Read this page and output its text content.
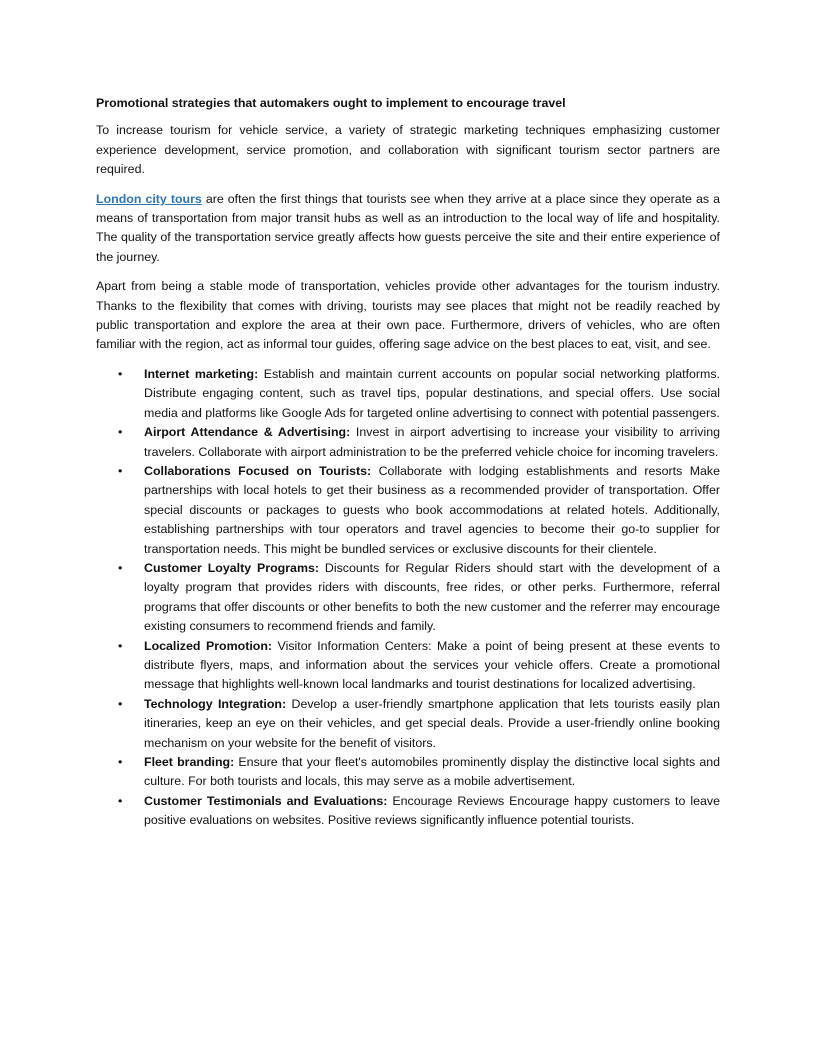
Promotional strategies that automakers ought to implement to encourage travel

To increase tourism for vehicle service, a variety of strategic marketing techniques emphasizing customer experience development, service promotion, and collaboration with significant tourism sector partners are required.

London city tours are often the first things that tourists see when they arrive at a place since they operate as a means of transportation from major transit hubs as well as an introduction to the local way of life and hospitality. The quality of the transportation service greatly affects how guests perceive the site and their entire experience of the journey.

Apart from being a stable mode of transportation, vehicles provide other advantages for the tourism industry. Thanks to the flexibility that comes with driving, tourists may see places that might not be readily reached by public transportation and explore the area at their own pace. Furthermore, drivers of vehicles, who are often familiar with the region, act as informal tour guides, offering sage advice on the best places to eat, visit, and see.

• Internet marketing: Establish and maintain current accounts on popular social networking platforms. Distribute engaging content, such as travel tips, popular destinations, and special offers. Use social media and platforms like Google Ads for targeted online advertising to connect with potential passengers.
• Airport Attendance & Advertising: Invest in airport advertising to increase your visibility to arriving travelers. Collaborate with airport administration to be the preferred vehicle choice for incoming travelers.
• Collaborations Focused on Tourists: Collaborate with lodging establishments and resorts Make partnerships with local hotels to get their business as a recommended provider of transportation. Offer special discounts or packages to guests who book accommodations at related hotels. Additionally, establishing partnerships with tour operators and travel agencies to become their go-to supplier for transportation needs. This might be bundled services or exclusive discounts for their clientele.
• Customer Loyalty Programs: Discounts for Regular Riders should start with the development of a loyalty program that provides riders with discounts, free rides, or other perks. Furthermore, referral programs that offer discounts or other benefits to both the new customer and the referrer may encourage existing consumers to recommend friends and family.
• Localized Promotion: Visitor Information Centers: Make a point of being present at these events to distribute flyers, maps, and information about the services your vehicle offers. Create a promotional message that highlights well-known local landmarks and tourist destinations for localized advertising.
• Technology Integration: Develop a user-friendly smartphone application that lets tourists easily plan itineraries, keep an eye on their vehicles, and get special deals. Provide a user-friendly online booking mechanism on your website for the benefit of visitors.
• Fleet branding: Ensure that your fleet's automobiles prominently display the distinctive local sights and culture. For both tourists and locals, this may serve as a mobile advertisement.
• Customer Testimonials and Evaluations: Encourage Reviews Encourage happy customers to leave positive evaluations on websites. Positive reviews significantly influence potential tourists.
